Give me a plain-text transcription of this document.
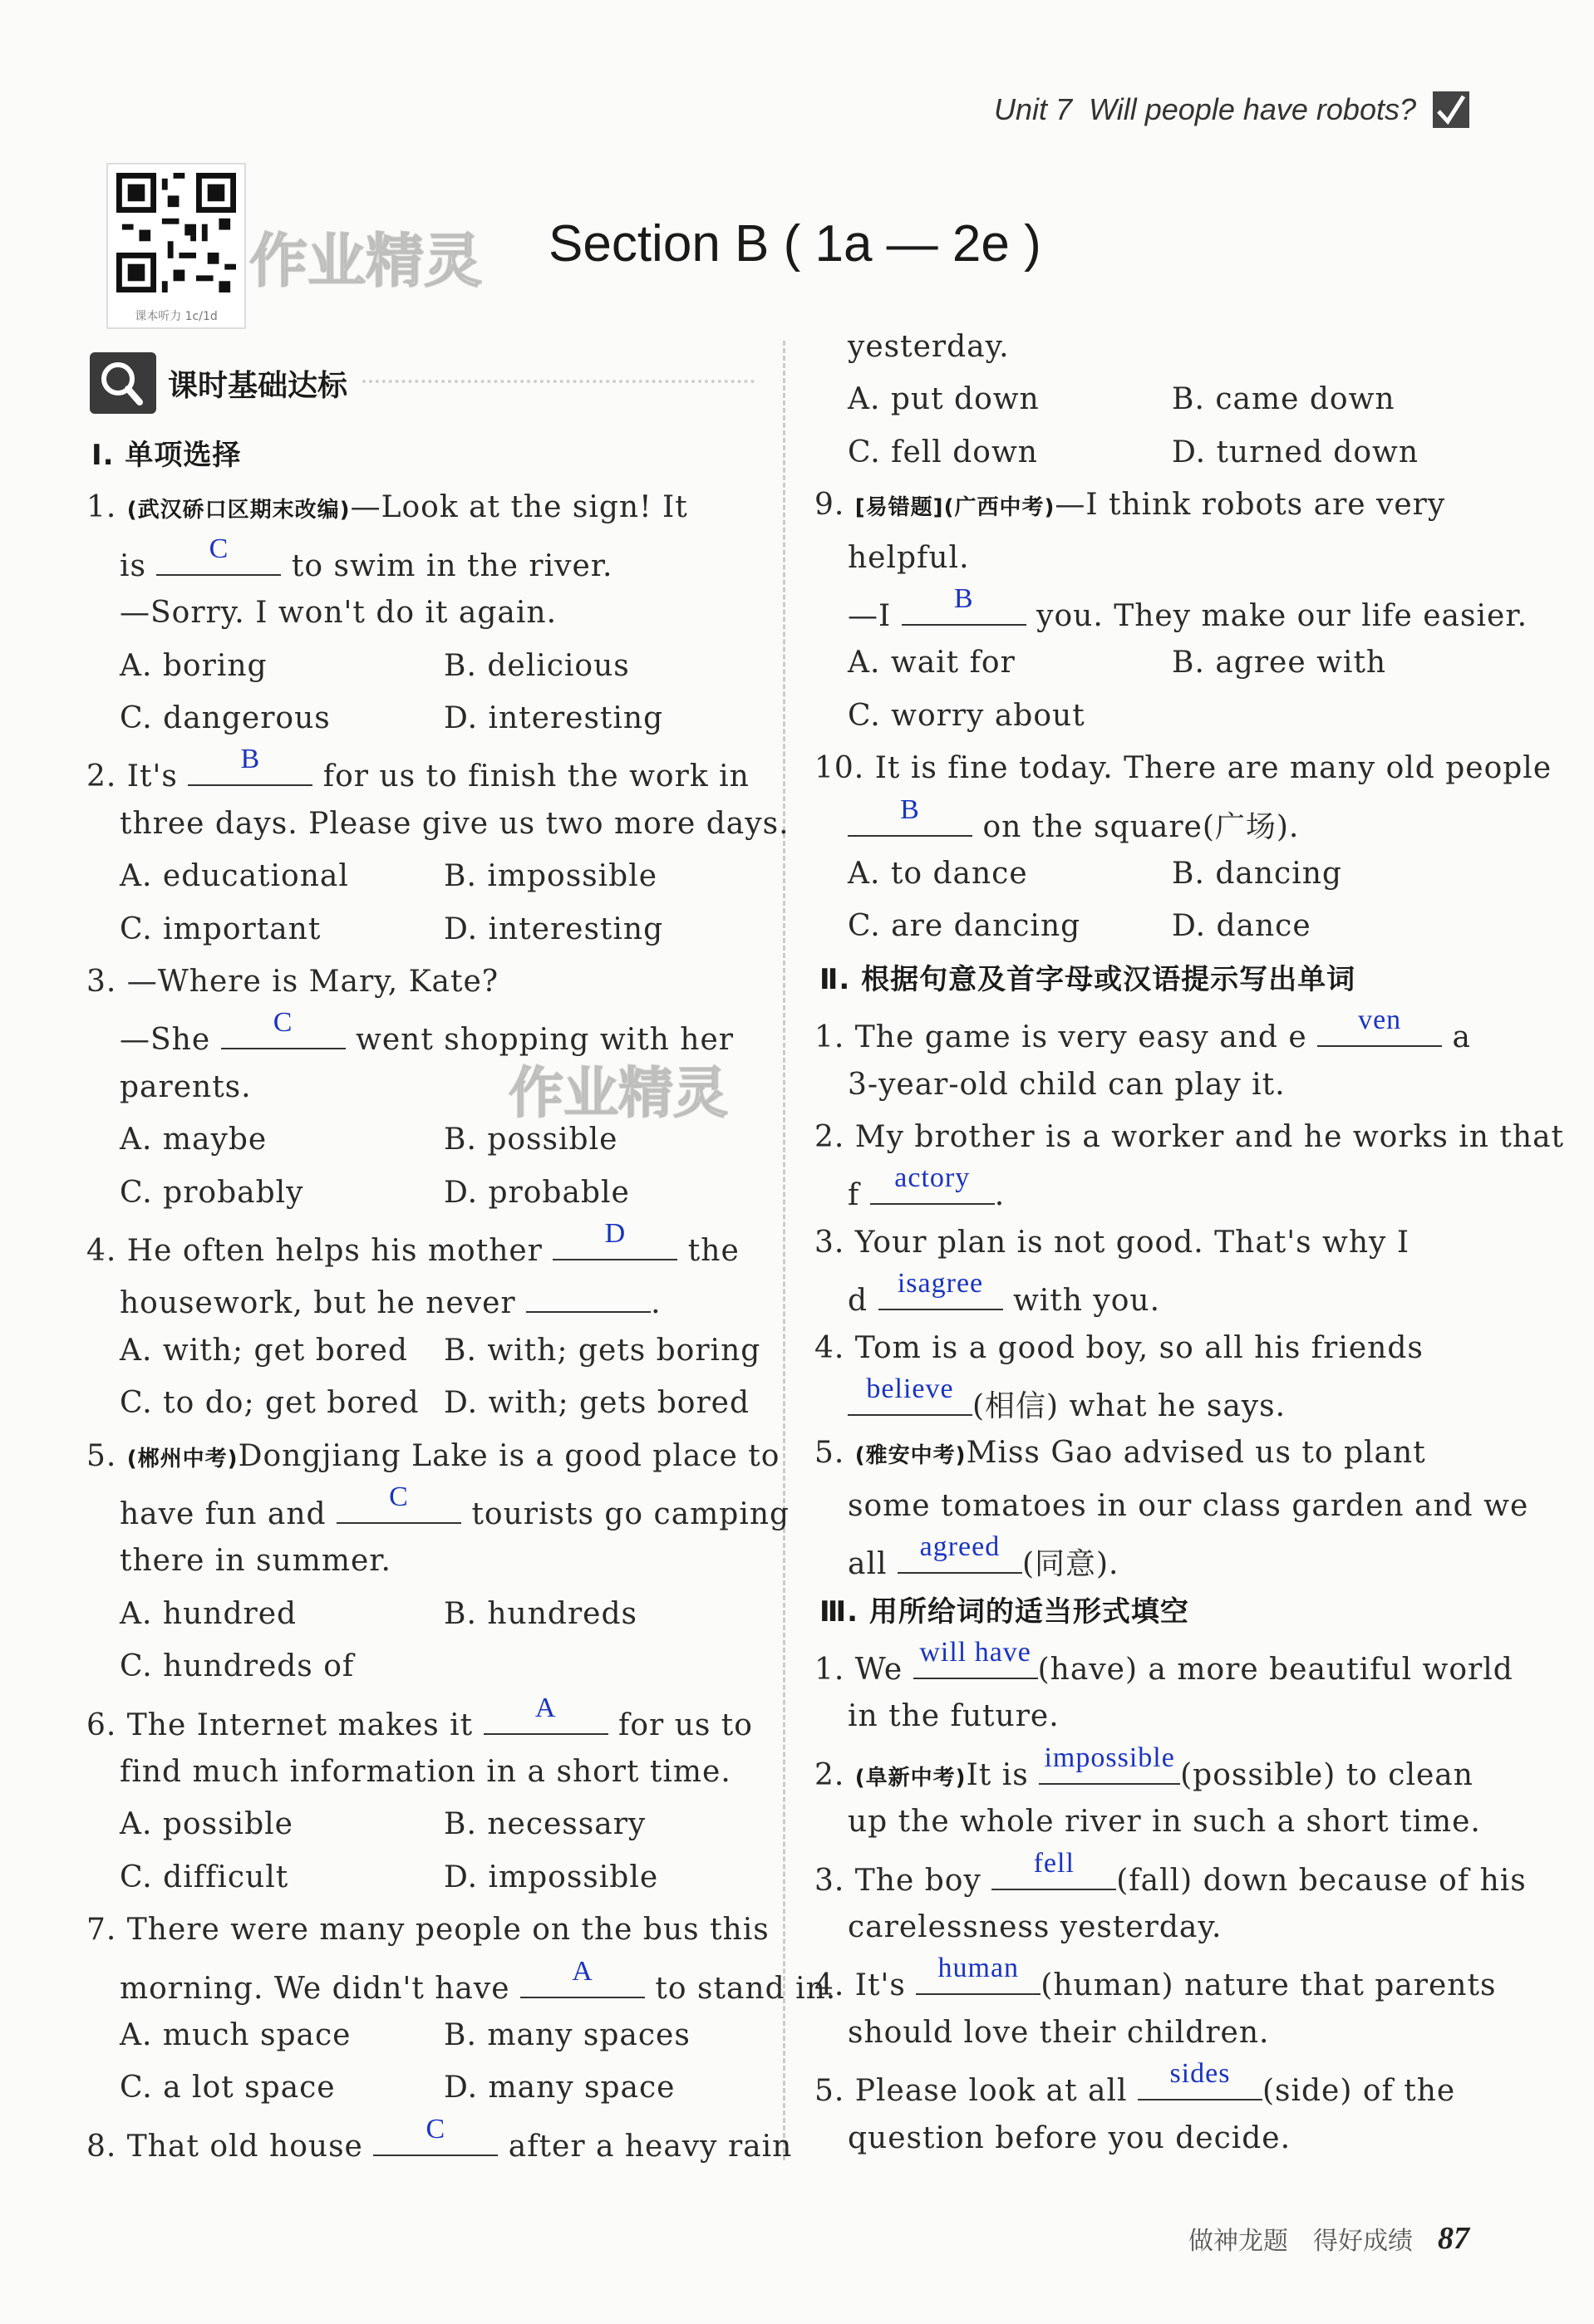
Unit 7 Will people have robots?
课本听力 1c/1d
作业精灵
作业精灵
Section B ( 1a — 2e )
课时基础达标
Ⅰ. 单项选择
1. (武汉硚口区期末改编)—Look at the sign! It
is
C
to swim in the river.
—Sorry. I won't do it again.
A. boring	B. delicious
C. dangerous	D. interesting
2. It's
B
for us to finish the work in
three days. Please give us two more days.
A. educational	B. impossible
C. important	D. interesting
3. —Where is Mary, Kate?
—She
C
went shopping with her
parents.
A. maybe	B. possible
C. probably	D. probable
4. He often helps his mother
D
the
housework, but he never	.
A. with; get bored B. with; gets boring
C. to do; get bored D. with; gets bored
5. (郴州中考)Dongjiang Lake is a good place to
have fun and
C
tourists go camping
there in summer.
A. hundred	B. hundreds
C. hundreds of
6. The Internet makes it
A
for us to
find much information in a short time.
A. possible	B. necessary
C. difficult	D. impossible
7. There were many people on the bus this
morning. We didn't have
A
to stand in.
A. much space	B. many spaces
C. a lot space	D. many space
8. That old house
C
after a heavy rain
yesterday.
A. put down	B. came down
C. fell down	D. turned down
9. [易错题](广西中考)—I think robots are very
helpful.
—I
B
you. They make our life easier.
A. wait for	B. agree with
C. worry about
10. It is fine today. There are many old people
B
on the square(广场).
A. to dance	B. dancing
C. are dancing	D. dance
Ⅱ. 根据句意及首字母或汉语提示写出单词
1. The game is very easy and e
ven
a
3-year-old child can play it.
2. My brother is a worker and he works in that
f
actory
.
3. Your plan is not good. That's why I
d
isagree
with you.
4. Tom is a good boy, so all his friends
believe
(相信) what he says.
5. (雅安中考)Miss Gao advised us to plant
some tomatoes in our class garden and we
all
agreed
(同意).
Ⅲ. 用所给词的适当形式填空
1. We
will have
(have) a more beautiful world
in the future.
2. (阜新中考)It is
impossible
(possible) to clean
up the whole river in such a short time.
3. The boy
fell
(fall) down because of his
carelessness yesterday.
4. It's
human
(human) nature that parents
should love their children.
5. Please look at all
sides
(side) of the
question before you decide.
做神龙题 得好成绩 87
